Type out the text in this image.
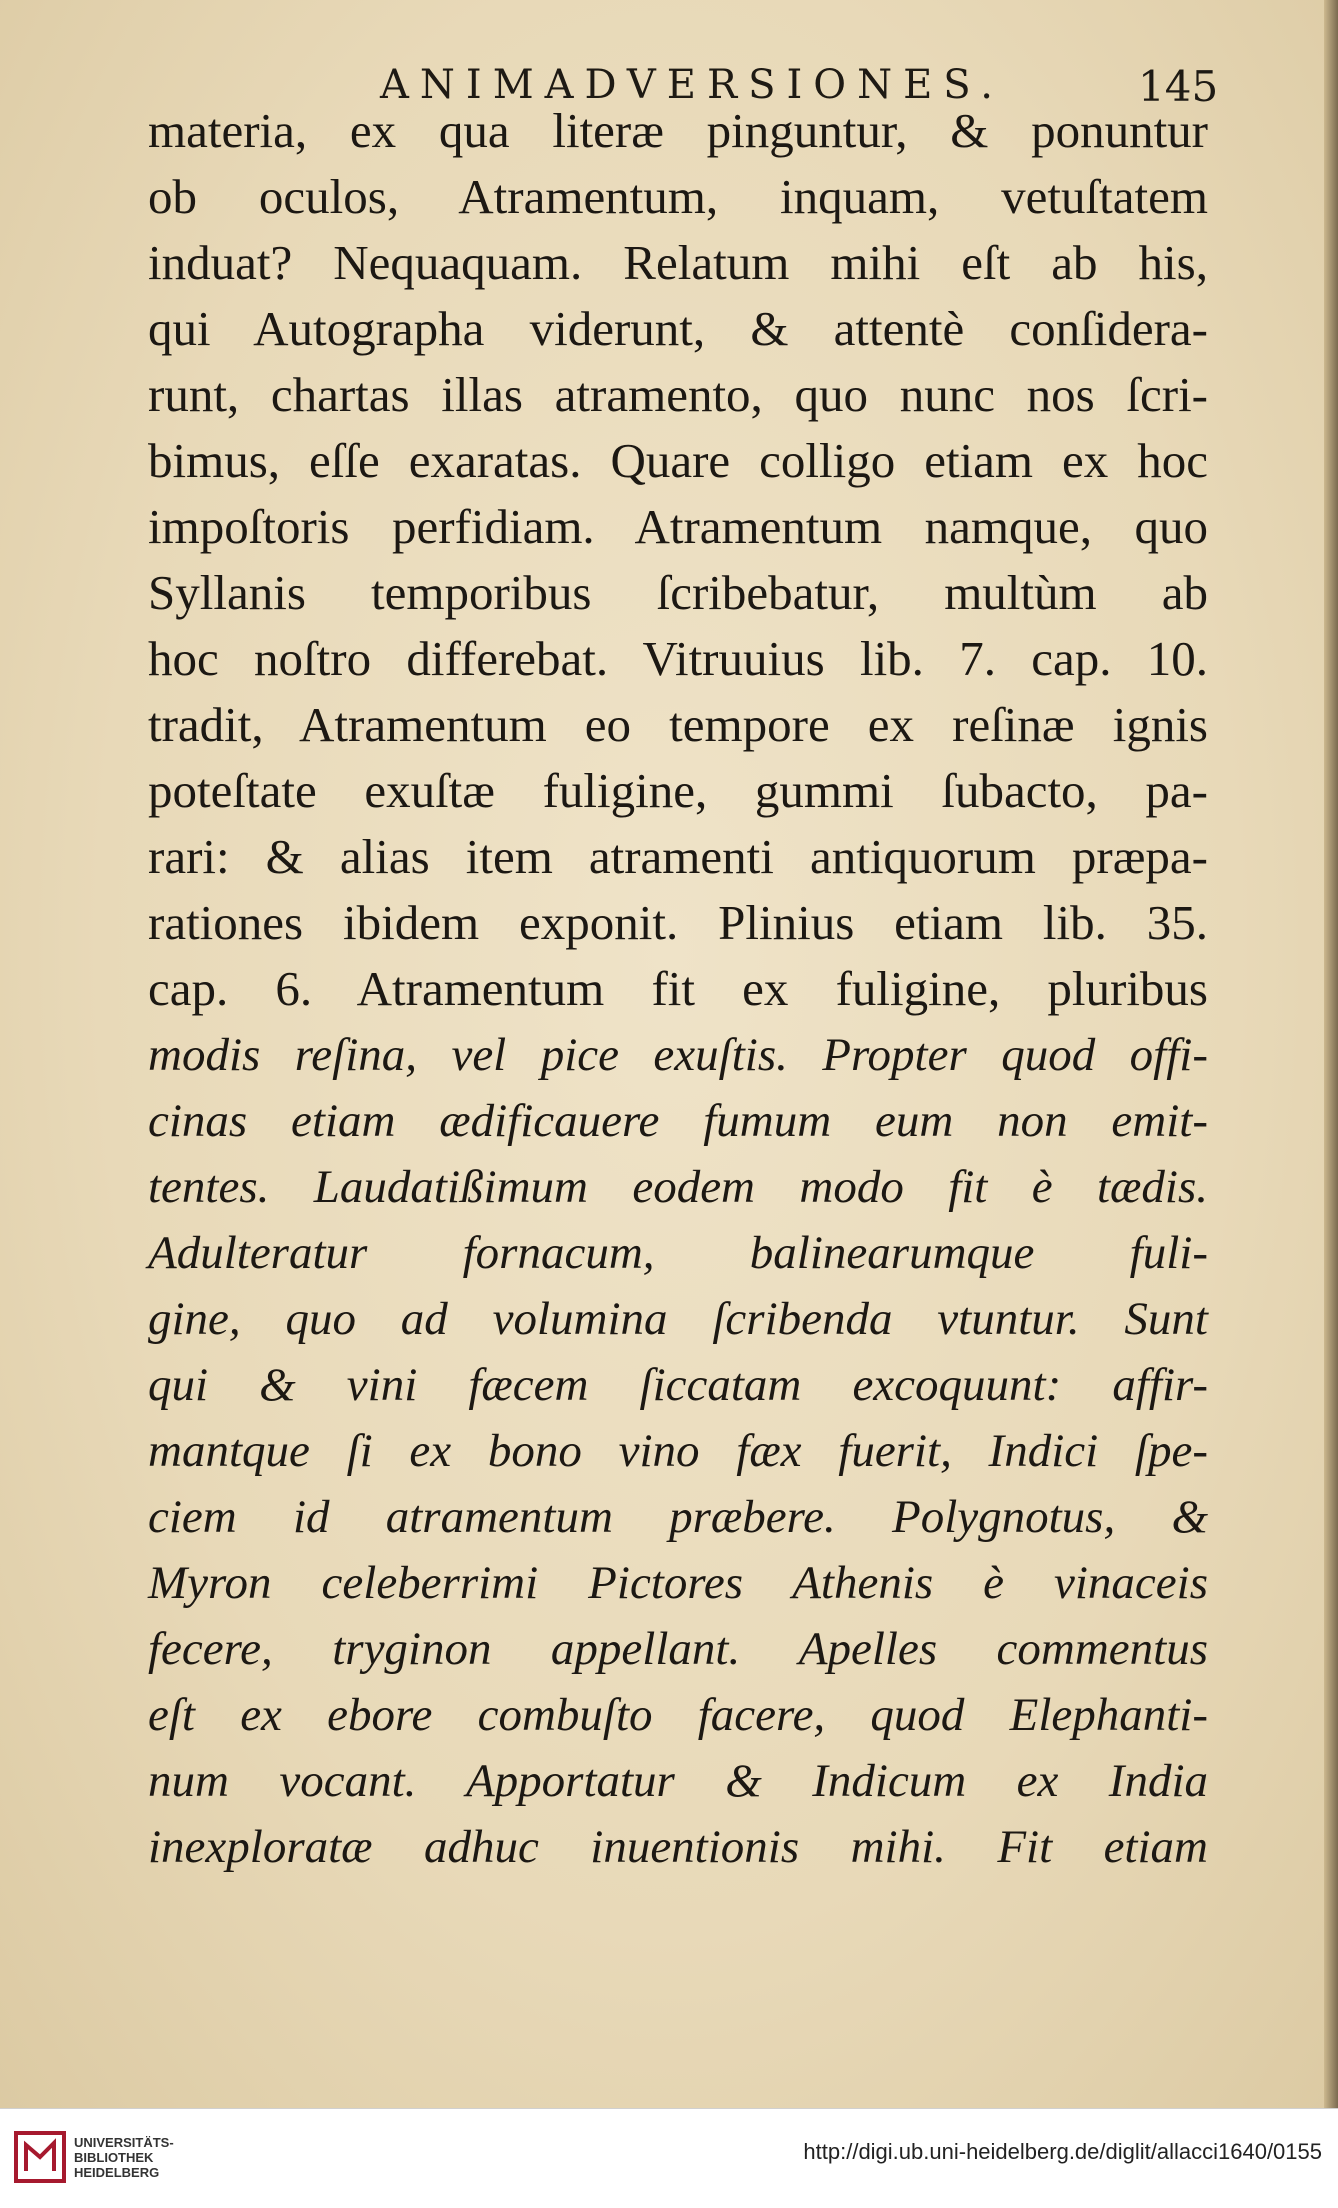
ANIMADVERSIONES.	145
materia, ex qua literæ pinguntur, & ponuntur
ob oculos, Atramentum, inquam, vetuſtatem
induat? Nequaquam. Relatum mihi eſt ab his,
qui Autographa viderunt, & attentè conſidera-
runt, chartas illas atramento, quo nunc nos ſcri-
bimus, eſſe exaratas. Quare colligo etiam ex hoc
impoſtoris perfidiam. Atramentum namque, quo
Syllanis temporibus ſcribebatur, multùm ab
hoc noſtro differebat. Vitruuius lib. 7. cap. 10.
tradit, Atramentum eo tempore ex reſinæ ignis
poteſtate exuſtæ fuligine, gummi ſubacto, pa-
rari: & alias item atramenti antiquorum præpa-
rationes ibidem exponit. Plinius etiam lib. 35.
cap. 6. Atramentum fit ex fuligine, pluribus
modis reſina, vel pice exuſtis. Propter quod offi-
cinas etiam ædificauere fumum eum non emit-
tentes. Laudatißimum eodem modo fit è tædis.
Adulteratur fornacum, balinearumque fuli-
gine, quo ad volumina ſcribenda vtuntur. Sunt
qui & vini fæcem ſiccatam excoquunt: affir-
mantque ſi ex bono vino fæx fuerit, Indici ſpe-
ciem id atramentum præbere. Polygnotus, &
Myron celeberrimi Pictores Athenis è vinaceis
fecere, tryginon appellant. Apelles commentus
eſt ex ebore combuſto facere, quod Elephanti-
num vocant. Apportatur & Indicum ex India
inexploratæ adhuc inuentionis mihi. Fit etiam
UNIVERSITÄTS-
BIBLIOTHEK
HEIDELBERG
http://digi.ub.uni-heidelberg.de/diglit/allacci1640/0155
